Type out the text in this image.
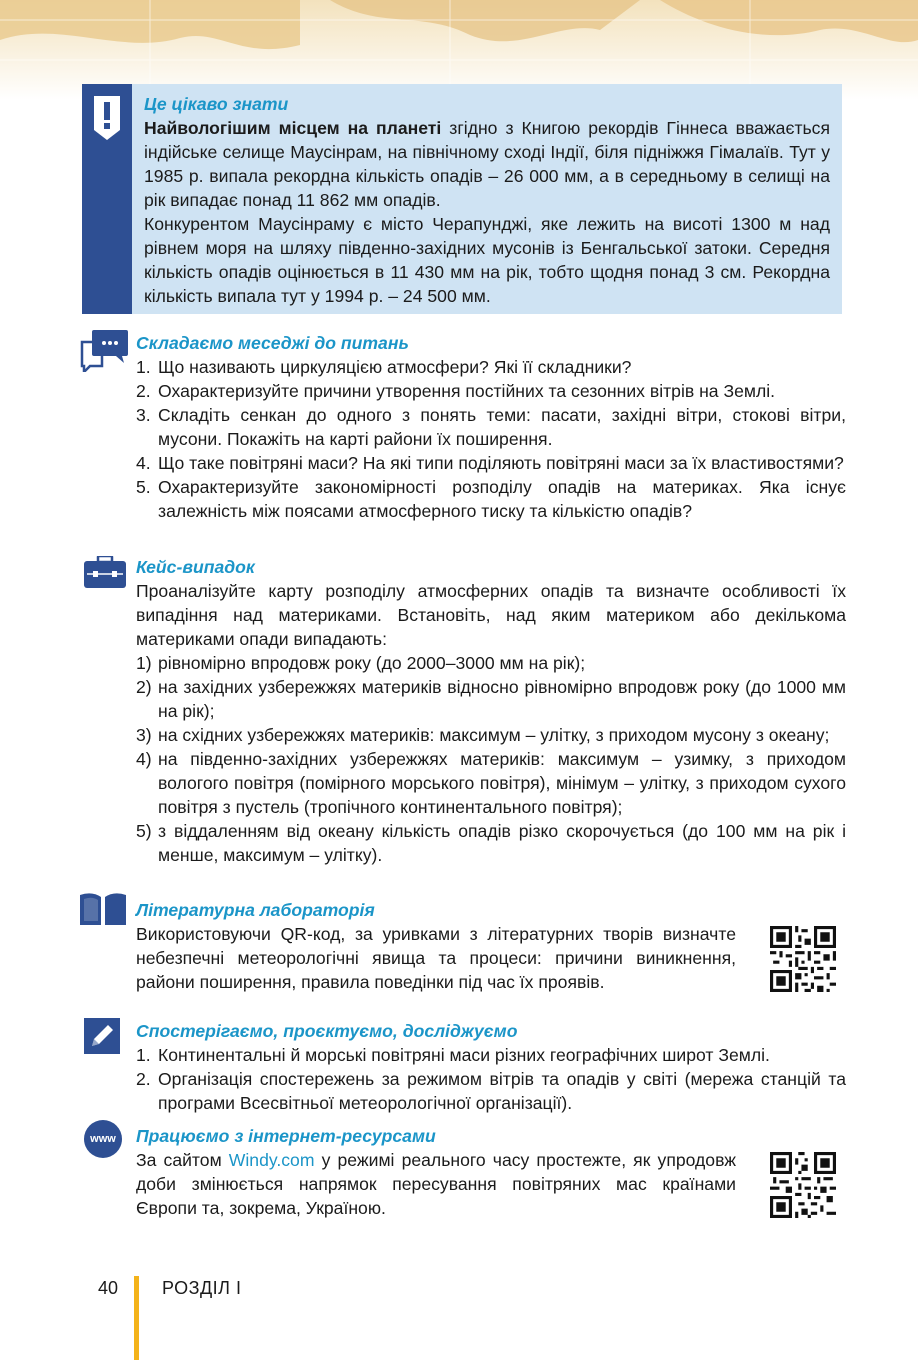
Це цікаво знати

Найвологішим місцем на планеті згідно з Книгою рекордів Гіннеса вважається індійське селище Маусінрам, на північному сході Індії, біля підніжжя Гімалаїв. Тут у 1985 р. випала рекордна кількість опадів – 26 000 мм, а в середньому в селищі на рік випадає понад 11 862 мм опадів.

Конкурентом Маусінраму є місто Черапунджі, яке лежить на висоті 1300 м над рівнем моря на шляху південно-західних мусонів із Бенгальської затоки. Середня кількість опадів оцінюється в 11 430 мм на рік, тобто щодня понад 3 см. Рекордна кількість випала тут у 1994 р. – 24 500 мм.

Складаємо меседжі до питань
1. Що називають циркуляцією атмосфери? Які її складники?
2. Охарактеризуйте причини утворення постійних та сезонних вітрів на Землі.
3. Складіть сенкан до одного з понять теми: пасати, західні вітри, стокові вітри, мусони. Покажіть на карті райони їх поширення.
4. Що таке повітряні маси? На які типи поділяють повітряні маси за їх властивостями?
5. Охарактеризуйте закономірності розподілу опадів на материках. Яка існує залежність між поясами атмосферного тиску та кількістю опадів?
Кейс-випадок

Проаналізуйте карту розподілу атмосферних опадів та визначте особливості їх випадіння над материками. Встановіть, над яким материком або декількома материками опади випадають:

1) рівномірно впродовж року (до 2000–3000 мм на рік);
2) на західних узбережжях материків відносно рівномірно впродовж року (до 1000 мм на рік);
3) на східних узбережжях материків: максимум – улітку, з приходом мусону з океану;
4) на південно-західних узбережжях материків: максимум – узимку, з приходом вологого повітря (помірного морського повітря), мінімум – улітку, з приходом сухого повітря з пустель (тропічного континентального повітря);
5) з віддаленням від океану кількість опадів різко скорочується (до 100 мм на рік і менше, максимум – улітку).
Літературна лабораторія

Використовуючи QR-код, за уривками з літературних творів визначте небезпечні метеорологічні явища та процеси: причини виникнення, райони поширення, правила поведінки під час їх проявів.

Спостерігаємо, проєктуємо, досліджуємо
1. Континентальні й морські повітряні маси різних географічних широт Землі.
2. Організація спостережень за режимом вітрів та опадів у світі (мережа станцій та програми Всесвітньої метеорологічної організації).
www	Працюємо з інтернет-ресурсами

За сайтом Windy.com у режимі реального часу простежте, як упродовж доби змінюється напрямок пересування повітряних мас країнами Європи та, зокрема, Україною.

40 РОЗДІЛ I
